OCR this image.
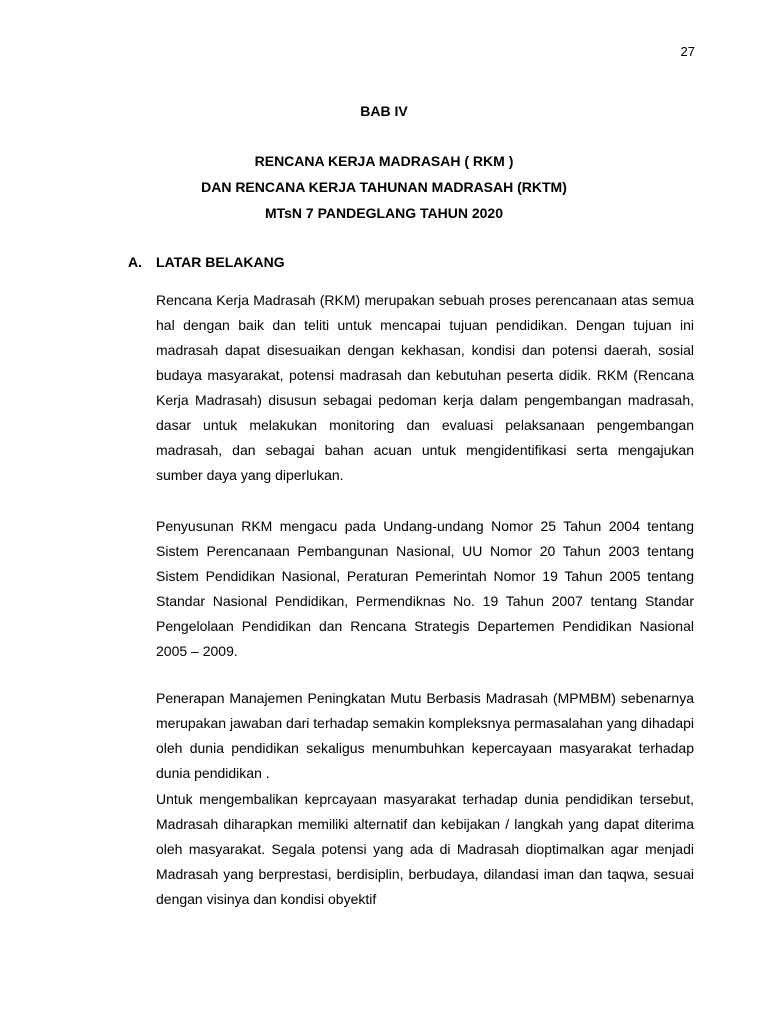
27
BAB IV
RENCANA KERJA MADRASAH ( RKM )
DAN RENCANA KERJA TAHUNAN MADRASAH (RKTM)
MTsN 7 PANDEGLANG TAHUN 2020
A. LATAR BELAKANG

Rencana Kerja Madrasah (RKM) merupakan sebuah proses perencanaan atas semua hal dengan baik dan teliti untuk mencapai tujuan pendidikan. Dengan tujuan ini madrasah dapat disesuaikan dengan kekhasan, kondisi dan potensi daerah, sosial budaya masyarakat, potensi madrasah dan kebutuhan peserta didik. RKM (Rencana Kerja Madrasah) disusun sebagai pedoman kerja dalam pengembangan madrasah, dasar untuk melakukan monitoring dan evaluasi pelaksanaan pengembangan madrasah, dan sebagai bahan acuan untuk mengidentifikasi serta mengajukan sumber daya yang diperlukan.

Penyusunan RKM mengacu pada Undang-undang Nomor 25 Tahun 2004 tentang Sistem Perencanaan Pembangunan Nasional, UU Nomor 20 Tahun 2003 tentang Sistem Pendidikan Nasional, Peraturan Pemerintah Nomor 19 Tahun 2005 tentang Standar Nasional Pendidikan, Permendiknas No. 19 Tahun 2007 tentang Standar Pengelolaan Pendidikan dan Rencana Strategis Departemen Pendidikan Nasional 2005 – 2009.

Penerapan Manajemen Peningkatan Mutu Berbasis Madrasah (MPMBM) sebenarnya merupakan jawaban dari terhadap semakin kompleksnya permasalahan yang dihadapi oleh dunia pendidikan sekaligus menumbuhkan kepercayaan masyarakat terhadap dunia pendidikan .

Untuk mengembalikan keprcayaan masyarakat terhadap dunia pendidikan tersebut, Madrasah diharapkan memiliki alternatif dan kebijakan / langkah yang dapat diterima oleh masyarakat. Segala potensi yang ada di Madrasah dioptimalkan agar menjadi Madrasah yang berprestasi, berdisiplin, berbudaya, dilandasi iman dan taqwa, sesuai dengan visinya dan kondisi obyektif
